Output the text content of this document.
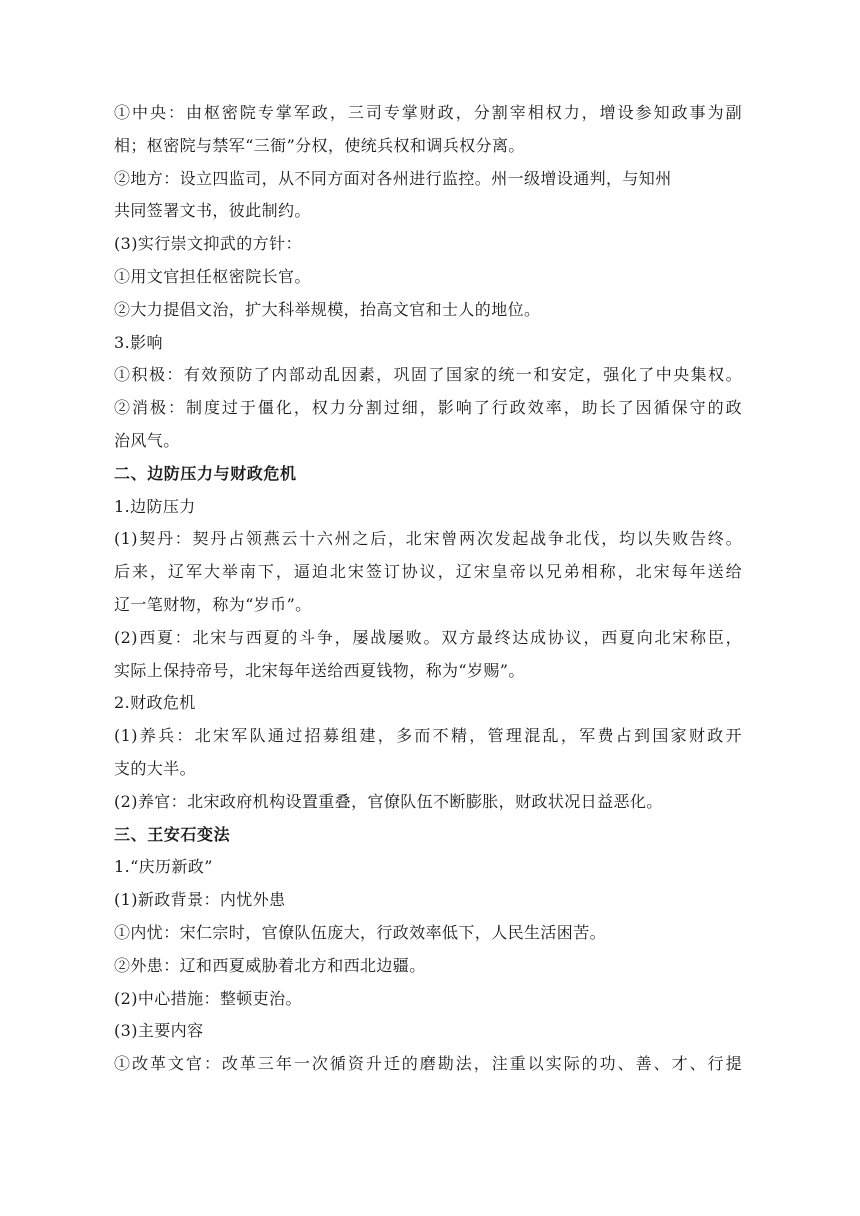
①中央：由枢密院专掌军政，三司专掌财政，分割宰相权力，增设参知政事为副
相；枢密院与禁军“三衙”分权，使统兵权和调兵权分离。
②地方：设立四监司，从不同方面对各州进行监控。州一级增设通判，与知州
共同签署文书，彼此制约。
(3)实行崇文抑武的方针：
①用文官担任枢密院长官。
②大力提倡文治，扩大科举规模，抬高文官和士人的地位。
3.影响
①积极：有效预防了内部动乱因素，巩固了国家的统一和安定，强化了中央集权。
②消极：制度过于僵化，权力分割过细，影响了行政效率，助长了因循保守的政
治风气。
二、边防压力与财政危机
1.边防压力
(1)契丹：契丹占领燕云十六州之后，北宋曾两次发起战争北伐，均以失败告终。
后来，辽军大举南下，逼迫北宋签订协议，辽宋皇帝以兄弟相称，北宋每年送给
辽一笔财物，称为“岁币”。
(2)西夏：北宋与西夏的斗争，屡战屡败。双方最终达成协议，西夏向北宋称臣，
实际上保持帝号，北宋每年送给西夏钱物，称为“岁赐”。
2.财政危机
(1)养兵：北宋军队通过招募组建，多而不精，管理混乱，军费占到国家财政开
支的大半。
(2)养官：北宋政府机构设置重叠，官僚队伍不断膨胀，财政状况日益恶化。
三、王安石变法
1.“庆历新政”
(1)新政背景：内忧外患
①内忧：宋仁宗时，官僚队伍庞大，行政效率低下，人民生活困苦。
②外患：辽和西夏威胁着北方和西北边疆。
(2)中心措施：整顿吏治。
(3)主要内容
①改革文官：改革三年一次循资升迁的磨勘法，注重以实际的功、善、才、行提
